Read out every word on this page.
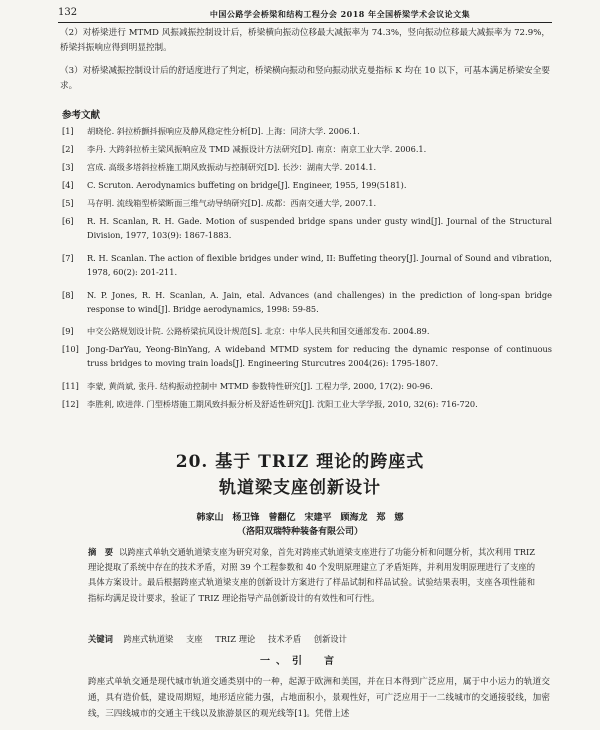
132	中国公路学会桥梁和结构工程分会 2018 年全国桥梁学术会议论文集
（2）对桥梁进行 MTMD 风振减振控制设计后，桥梁横向振动位移最大减振率为 74.3%，竖向振动位移最大减振率为 72.9%，桥梁抖振响应得到明显控制。
（3）对桥梁减振控制设计后的舒适度进行了判定，桥梁横向振动和竖向振动狀克曼指标 K 均在 10 以下，可基本满足桥梁安全要求。
参考文献
[1] 胡晓伦. 斜拉桥颤抖振响应及静风稳定性分析[D]. 上海：同济大学. 2006.1.
[2] 李丹. 大跨斜拉桥主梁风振响应及 TMD 减振设计方法研究[D]. 南京：南京工业大学. 2006.1.
[3] 宫成. 高级多塔斜拉桥施工期风致振动与控制研究[D]. 长沙：湖南大学. 2014.1.
[4] C. Scruton. Aerodynamics buffeting on bridge[J]. Engineer, 1955, 199(5181).
[5] 马存明. 流线箱型桥梁断面三维气动导纳研究[D]. 成都：西南交通大学, 2007.1.
[6] R. H. Scanlan, R. H. Gade. Motion of suspended bridge spans under gusty wind[J]. Journal of the Structural Division, 1977, 103(9): 1867-1883.
[7] R. H. Scanlan. The action of flexible bridges under wind, II: Buffeting theory[J]. Journal of Sound and vibration, 1978, 60(2): 201-211.
[8] N. P. Jones, R. H. Scanlan, A. Jain, etal. Advances (and challenges) in the prediction of long-span bridge response to wind[J]. Bridge aerodynamics, 1998: 59-85.
[9] 中交公路规划设计院. 公路桥梁抗风设计规范[S]. 北京：中华人民共和国交通部发布. 2004.89.
[10] Jong-DarYau, Yeong-BinYang, A wideband MTMD system for reducing the dynamic response of continuous truss bridges to moving train loads[J]. Engineering Sturcutres 2004(26): 1795-1807.
[11] 李蒙, 黄尚斌, 张丹. 结构振动控制中 MTMD 参数特性研究[J]. 工程力学, 2000, 17(2): 90-96.
[12] 李胜利, 欧进萍. 门型桥塔施工期风致抖振分析及舒适性研究[J]. 沈阳工业大学学报, 2010, 32(6): 716-720.
20. 基于 TRIZ 理论的跨座式
轨道梁支座创新设计
韩家山　杨卫锋　曾翻亿　宋建平　顾海龙　郑　娜
（洛阳双瑞特种装备有限公司）
摘　要 以跨座式单轨交通轨道梁支座为研究对象，首先对跨座式轨道梁支座进行了功能分析和问题分析，其次利用 TRIZ 理论提取了系统中存在的技术矛盾，对照 39 个工程参数和 40 个发明原理建立了矛盾矩阵，并利用发明原理进行了支座的具体方案设计。最后根据跨座式轨道梁支座的创新设计方案进行了样品试制和样品试验。试验结果表明，支座各项性能和指标均满足设计要求，验证了 TRIZ 理论指导产品创新设计的有效性和可行性。
关键词 跨座式轨道梁 支座 TRIZ 理论 技术矛盾 创新设计
一、引　言
跨座式单轨交通是现代城市轨道交通类别中的一种，起源于欧洲和美国，并在日本得到广泛应用，属于中小运力的轨道交通，具有造价低，建设周期短，地形适应能力强，占地面积小，景观性好，可广泛应用于一二线城市的交通接驳线，加密线，三四线城市的交通主干线以及旅游景区的观光线等[1]。凭借上述
